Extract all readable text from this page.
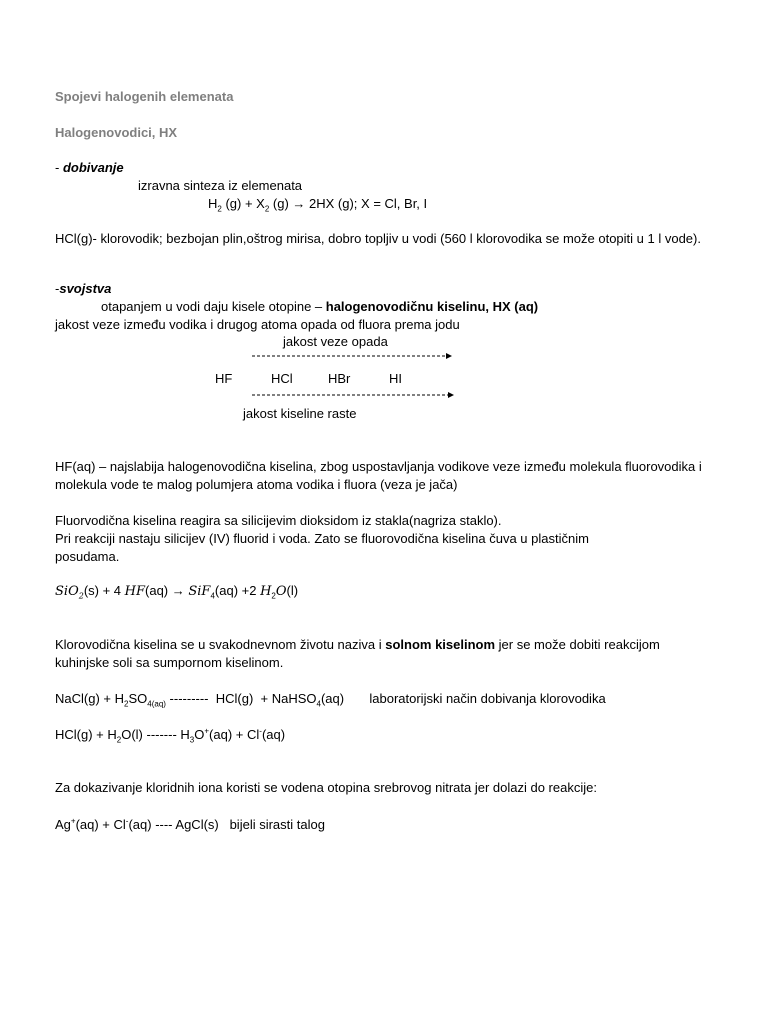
Spojevi halogenih elemenata
Halogenovodici, HX
- dobivanje
izravna sinteza iz elemenata
$H_2$ $(g) + X_2$ (g) → 2HX (g); X = Cl, Br, I
HCl(g)- klorovodik; bezbojan plin,oštrog mirisa, dobro topljiv u vodi (560 l klorovodika se može otopiti u 1 l vode).
-svojstva
otapanjem u vodi daju kisele otopine – halogenovodičnu kiselinu, HX (aq)
jakost veze između vodika i drugog atoma opada od fluora prema jodu
jakost veze opada
HF	HCl	HBr	HI
jakost kiseline raste
HF(aq) – najslabija halogenovodična kiselina, zbog uspostavljanja vodikove veze između molekula fluorovodika i molekula vode te malog polumjera atoma vodika i fluora (veza je jača)
Fluorvodična kiselina reagira sa silicijevim dioksidom iz stakla(nagriza staklo).
Pri reakciji nastaju silicijev (IV) fluorid i voda. Zato se fluorovodična kiselina čuva u plastičnim posudama.
SiO$_2$(s) + 4 HF(aq) → SiF$_4$(aq) +2 $H_2O(l)$
Klorovodična kiselina se u svakodnevnom životu naziva i solnom kiselinom jer se može dobiti reakcijom kuhinjske soli sa sumpornom kiselinom.
NaCl(g) + $H_2SO_{4(aq)}$ ---------  HCl(g)  + NaHSO$_4$(aq)       laboratorijski način dobivanja klorovodika
$HCl(g) + H_2O(l)$ ------- $H_3O^+(aq) + Cl^-(aq)$
Za dokazivanje kloridnih iona koristi se vodena otopina srebrovog nitrata jer dolazi do reakcije:
Ag+(aq) + Cl-(aq) ---- AgCl(s)   bijeli sirasti talog
